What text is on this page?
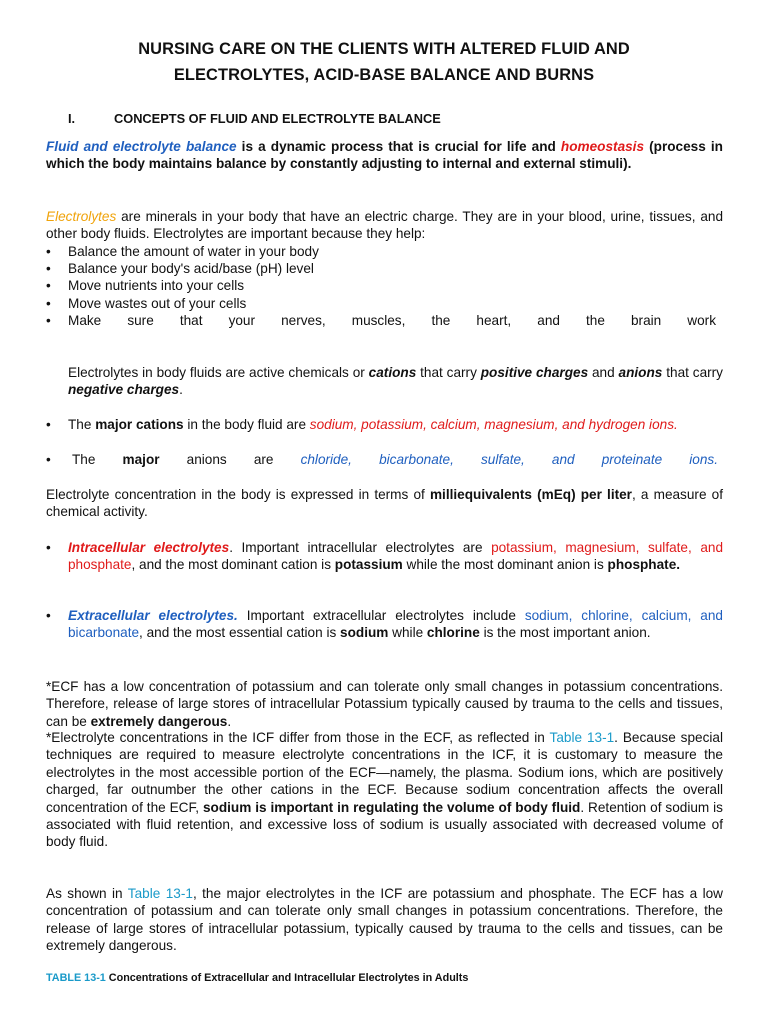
NURSING CARE ON THE CLIENTS WITH ALTERED FLUID AND
ELECTROLYTES, ACID-BASE BALANCE AND BURNS
I.	CONCEPTS OF FLUID AND ELECTROLYTE BALANCE
Fluid and electrolyte balance is a dynamic process that is crucial for life and homeostasis (process in which the body maintains balance by constantly adjusting to internal and external stimuli).
Electrolytes are minerals in your body that have an electric charge. They are in your blood, urine, tissues, and other body fluids. Electrolytes are important because they help:
• Balance the amount of water in your body
• Balance your body's acid/base (pH) level
• Move nutrients into your cells
• Move wastes out of your cells
• Make sure that your nerves, muscles, the heart, and the brain work
Electrolytes in body fluids are active chemicals or cations that carry positive charges and anions that carry negative charges.
• The major cations in the body fluid are sodium, potassium, calcium, magnesium, and hydrogen ions.
• The major anions are chloride, bicarbonate, sulfate, and proteinate ions.
Electrolyte concentration in the body is expressed in terms of milliequivalents (mEq) per liter, a measure of chemical activity.
• Intracellular electrolytes. Important intracellular electrolytes are potassium, magnesium, sulfate, and phosphate, and the most dominant cation is potassium while the most dominant anion is phosphate.
• Extracellular electrolytes. Important extracellular electrolytes include sodium, chlorine, calcium, and bicarbonate, and the most essential cation is sodium while chlorine is the most important anion.
*ECF has a low concentration of potassium and can tolerate only small changes in potassium concentrations. Therefore, release of large stores of intracellular Potassium typically caused by trauma to the cells and tissues, can be extremely dangerous.
*Electrolyte concentrations in the ICF differ from those in the ECF, as reflected in Table 13-1. Because special techniques are required to measure electrolyte concentrations in the ICF, it is customary to measure the electrolytes in the most accessible portion of the ECF—namely, the plasma. Sodium ions, which are positively charged, far outnumber the other cations in the ECF. Because sodium concentration affects the overall concentration of the ECF, sodium is important in regulating the volume of body fluid. Retention of sodium is associated with fluid retention, and excessive loss of sodium is usually associated with decreased volume of body fluid.
As shown in Table 13-1, the major electrolytes in the ICF are potassium and phosphate. The ECF has a low concentration of potassium and can tolerate only small changes in potassium concentrations. Therefore, the release of large stores of intracellular potassium, typically caused by trauma to the cells and tissues, can be extremely dangerous.
TABLE 13-1 Concentrations of Extracellular and Intracellular Electrolytes in Adults
